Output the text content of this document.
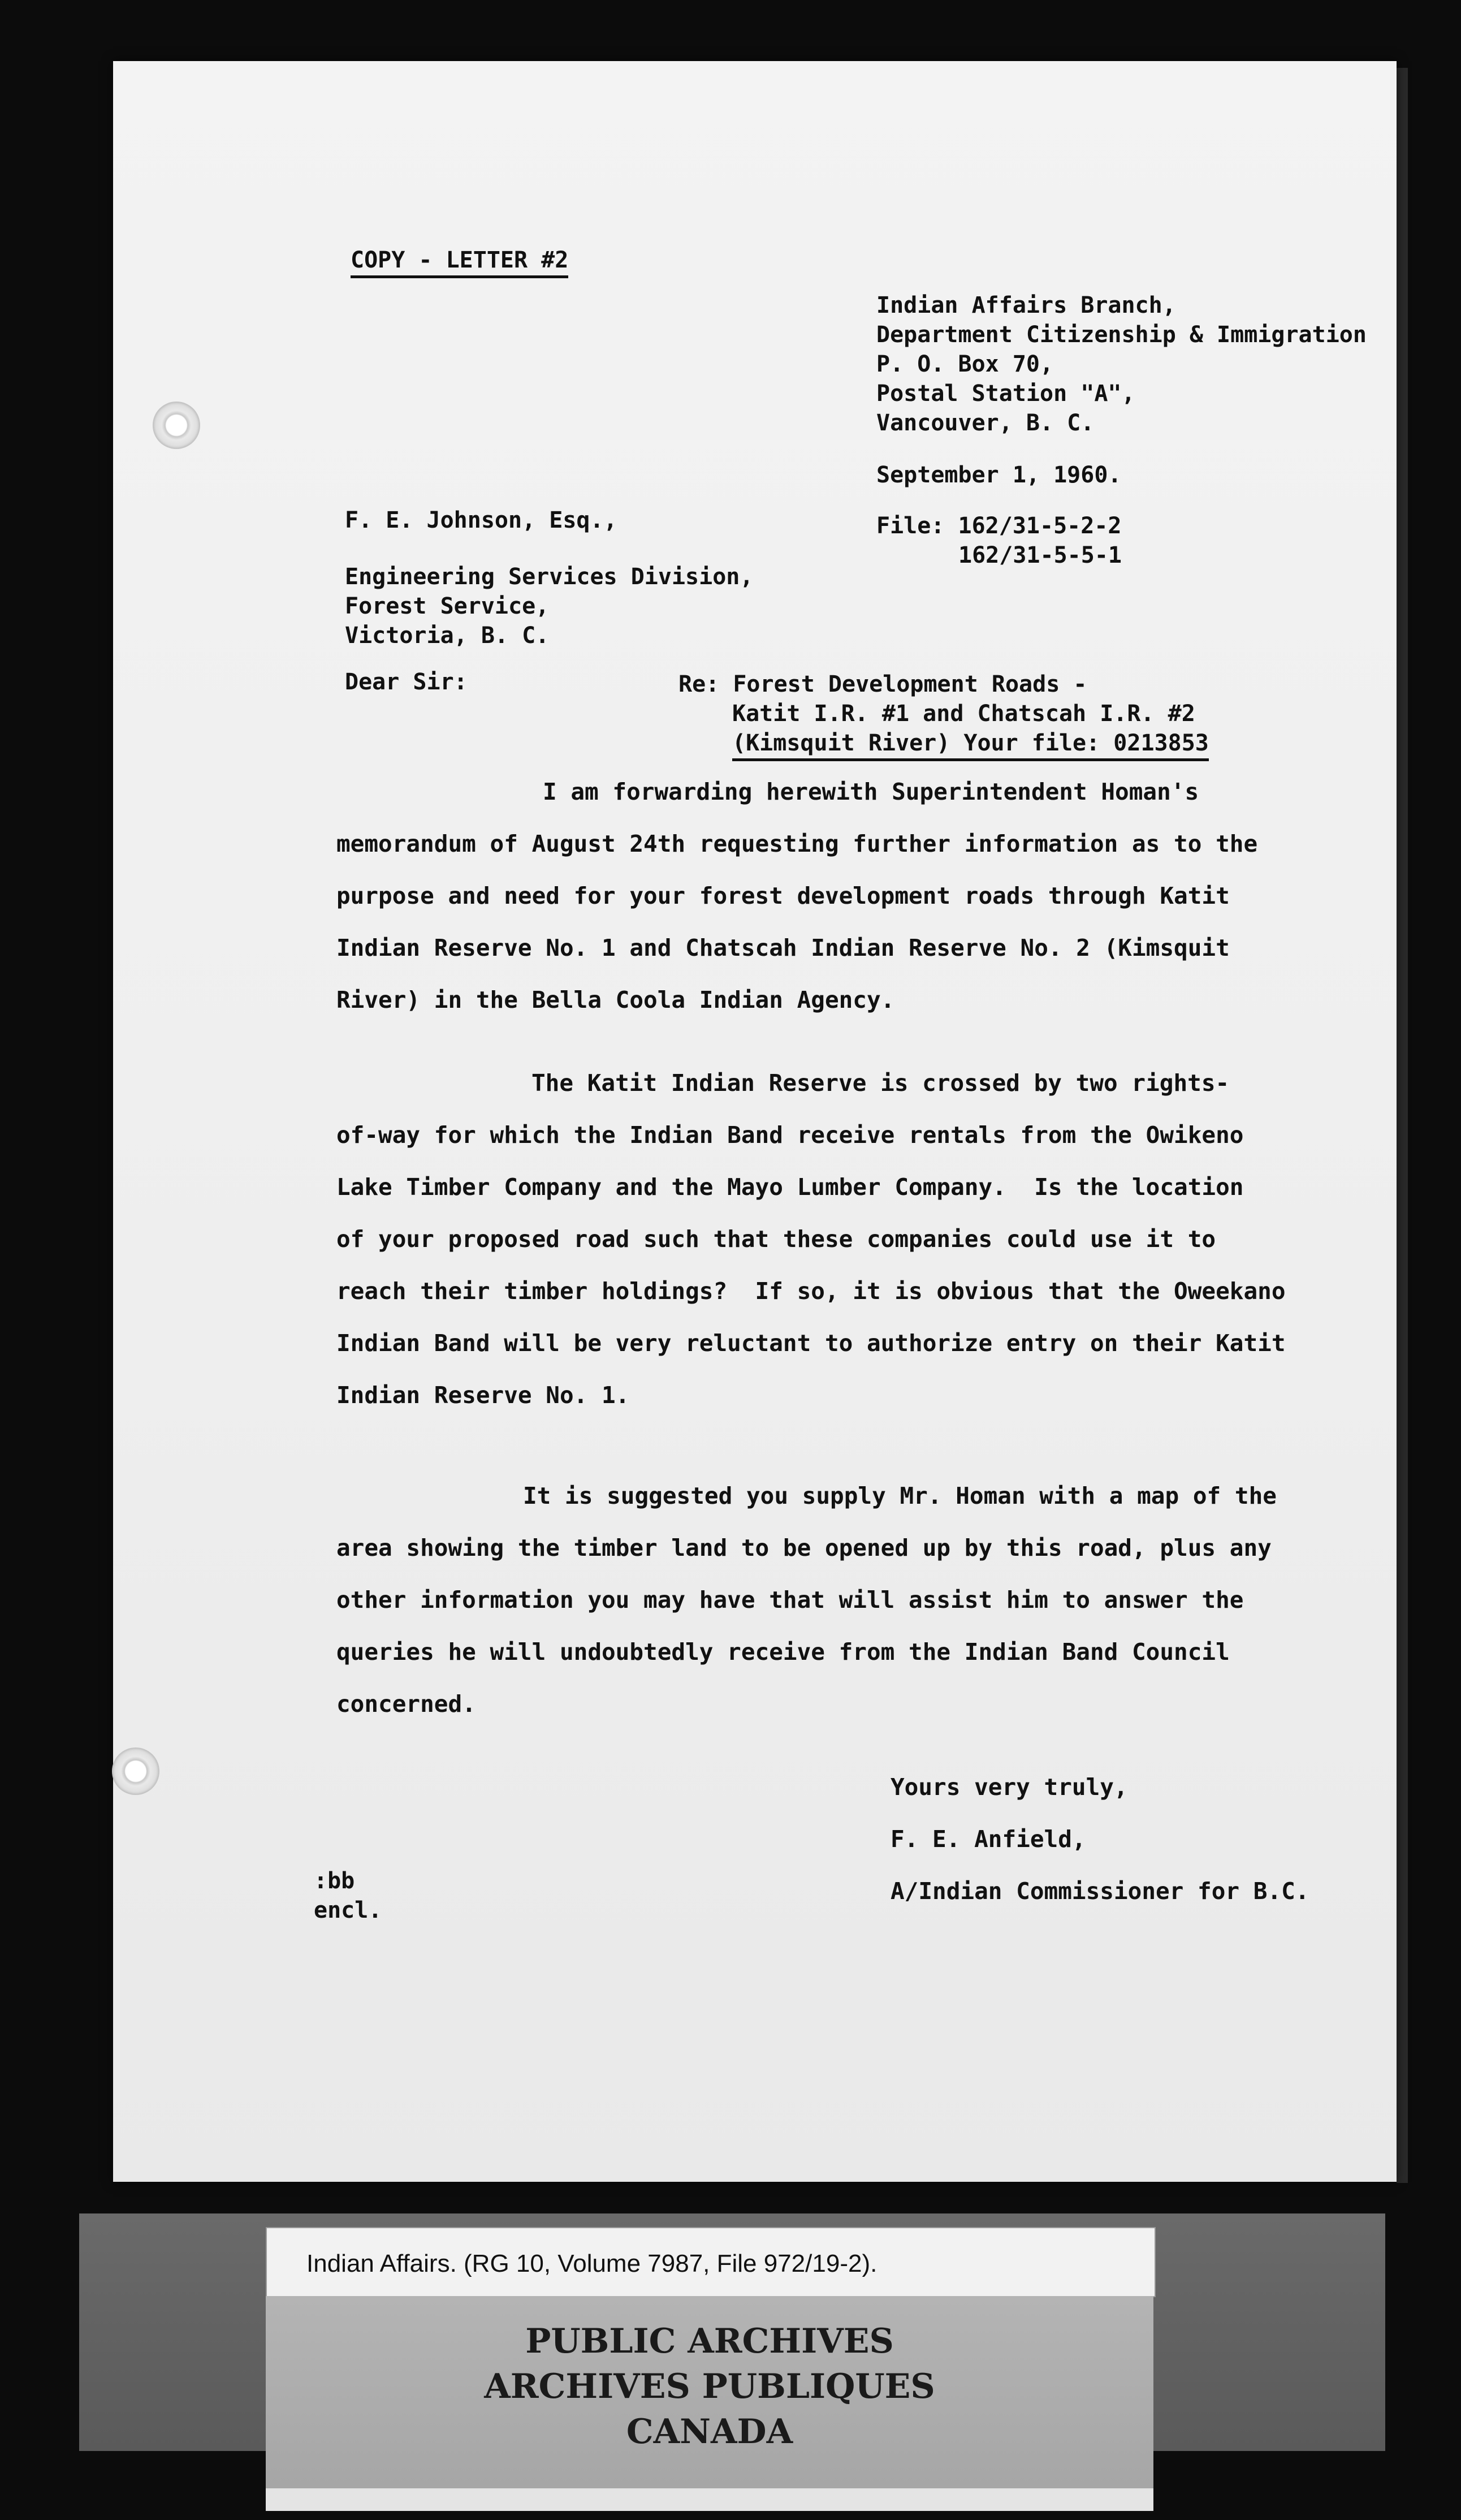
COPY - LETTER #2
Indian Affairs Branch,
Department Citizenship & Immigration
P. O. Box 70,
Postal Station "A",
Vancouver, B. C.
September 1, 1960.
File: 162/31-5-2-2
162/31-5-5-1
F. E. Johnson, Esq.,
Engineering Services Division,
Forest Service,
Victoria, B. C.
Dear Sir:	Re: Forest Development Roads -
Katit I.R. #1 and Chatscah I.R. #2
(Kimsquit River) Your file: 0213853
I am forwarding herewith Superintendent Homan's
memorandum of August 24th requesting further information as to the
purpose and need for your forest development roads through Katit
Indian Reserve No. 1 and Chatscah Indian Reserve No. 2 (Kimsquit
River) in the Bella Coola Indian Agency.
The Katit Indian Reserve is crossed by two rights-
of-way for which the Indian Band receive rentals from the Owikeno
Lake Timber Company and the Mayo Lumber Company.  Is the location
of your proposed road such that these companies could use it to
reach their timber holdings?  If so, it is obvious that the Oweekano
Indian Band will be very reluctant to authorize entry on their Katit
Indian Reserve No. 1.
It is suggested you supply Mr. Homan with a map of the
area showing the timber land to be opened up by this road, plus any
other information you may have that will assist him to answer the
queries he will undoubtedly receive from the Indian Band Council
concerned.
Yours very truly,
F. E. Anfield,
A/Indian Commissioner for B.C.
:bb
encl.
Indian Affairs. (RG 10, Volume 7987, File 972/19-2).
PUBLIC ARCHIVES
ARCHIVES PUBLIQUES
CANADA
